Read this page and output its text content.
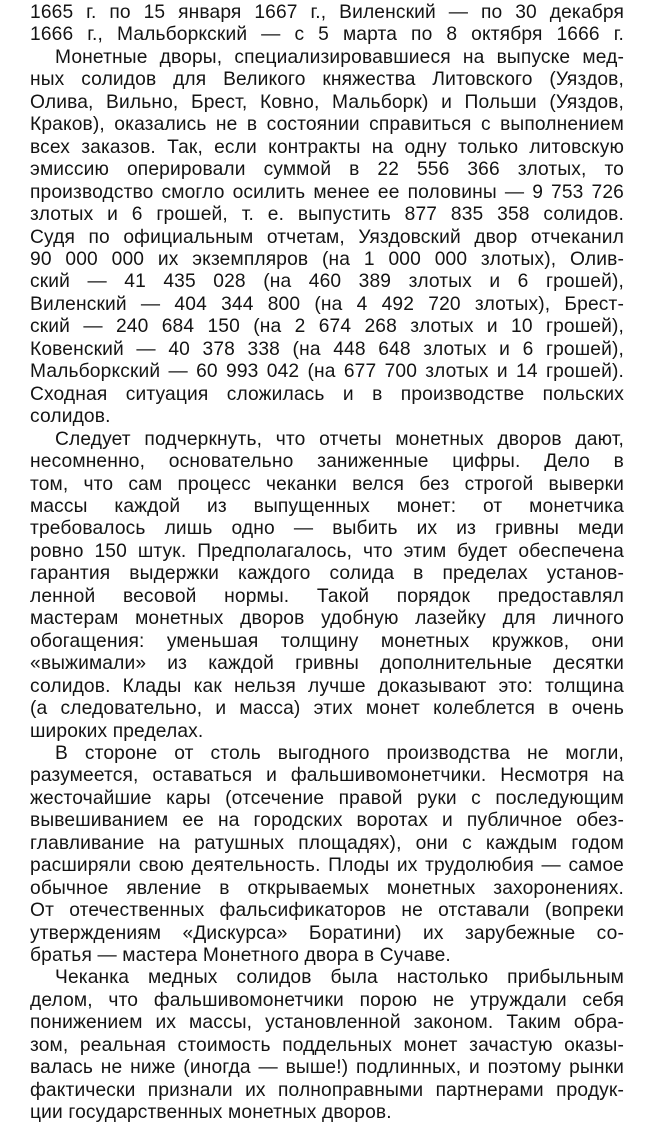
1665 г. по 15 января 1667 г., Виленский — по 30 декабря
1666 г., Мальборкский — с 5 марта по 8 октября 1666 г.
Монетные дворы, специализировавшиеся на выпуске мед-
ных солидов для Великого княжества Литовского (Уяздов,
Олива, Вильно, Брест, Ковно, Мальборк) и Польши (Уяздов,
Краков), оказались не в состоянии справиться с выполнением
всех заказов. Так, если контракты на одну только литовскую
эмиссию оперировали суммой в 22 556 366 злотых, то
производство смогло осилить менее ее половины — 9 753 726
злотых и 6 грошей, т. е. выпустить 877 835 358 солидов.
Судя по официальным отчетам, Уяздовский двор отчеканил
90 000 000 их экземпляров (на 1 000 000 злотых), Олив-
ский — 41 435 028 (на 460 389 злотых и 6 грошей),
Виленский — 404 344 800 (на 4 492 720 злотых), Брест-
ский — 240 684 150 (на 2 674 268 злотых и 10 грошей),
Ковенский — 40 378 338 (на 448 648 злотых и 6 грошей),
Мальборкский — 60 993 042 (на 677 700 злотых и 14 грошей).
Сходная ситуация сложилась и в производстве польских
солидов.
Следует подчеркнуть, что отчеты монетных дворов дают,
несомненно, основательно заниженные цифры. Дело в
том, что сам процесс чеканки велся без строгой выверки
массы каждой из выпущенных монет: от монетчика
требовалось лишь одно — выбить их из гривны меди
ровно 150 штук. Предполагалось, что этим будет обеспечена
гарантия выдержки каждого солида в пределах установ-
ленной весовой нормы. Такой порядок предоставлял
мастерам монетных дворов удобную лазейку для личного
обогащения: уменьшая толщину монетных кружков, они
«выжимали» из каждой гривны дополнительные десятки
солидов. Клады как нельзя лучше доказывают это: толщина
(а следовательно, и масса) этих монет колеблется в очень
широких пределах.
В стороне от столь выгодного производства не могли,
разумеется, оставаться и фальшивомонетчики. Несмотря на
жесточайшие кары (отсечение правой руки с последующим
вывешиванием ее на городских воротах и публичное обез-
главливание на ратушных площадях), они с каждым годом
расширяли свою деятельность. Плоды их трудолюбия — самое
обычное явление в открываемых монетных захоронениях.
От отечественных фальсификаторов не отставали (вопреки
утверждениям «Дискурса» Боратини) их зарубежные со-
братья — мастера Монетного двора в Сучаве.
Чеканка медных солидов была настолько прибыльным
делом, что фальшивомонетчики порою не утруждали себя
понижением их массы, установленной законом. Таким обра-
зом, реальная стоимость поддельных монет зачастую оказы-
валась не ниже (иногда — выше!) подлинных, и поэтому рынки
фактически признали их полноправными партнерами продук-
ции государственных монетных дворов.
